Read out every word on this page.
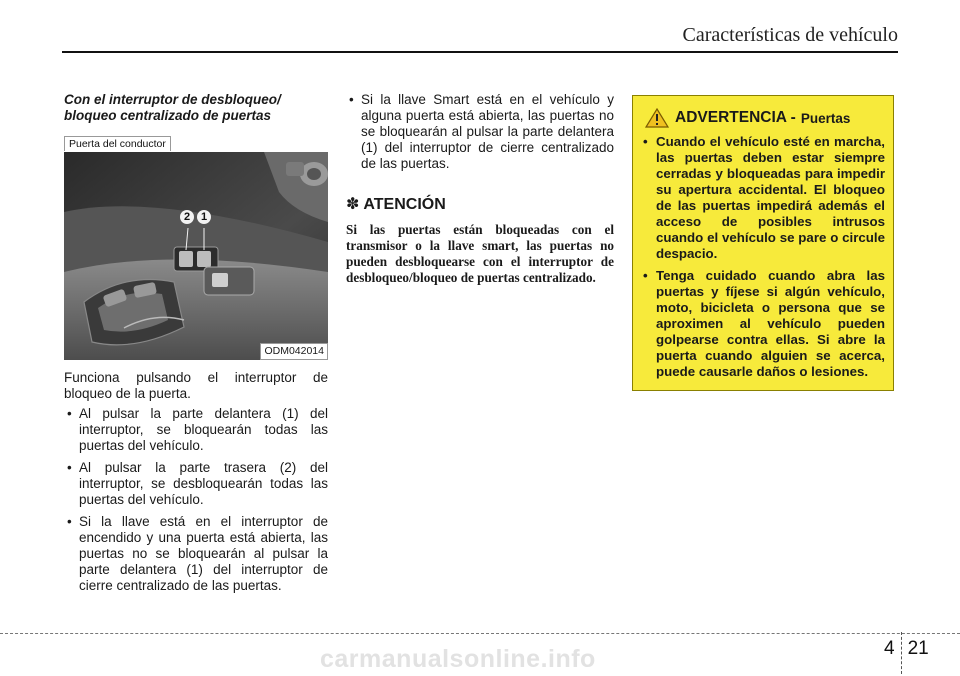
Características de vehículo
Con el interruptor de desbloqueo/ bloqueo centralizado de puertas
Puerta del conductor
2 1
ODM042014
Funciona pulsando el interruptor de bloqueo de la puerta.
• Al pulsar la parte delantera (1) del interruptor, se bloquearán todas las puertas del vehículo.
• Al pulsar la parte trasera (2) del interruptor, se desbloquearán todas las puertas del vehículo.
• Si la llave está en el interruptor de encendido y una puerta está abierta, las puertas no se bloquearán al pulsar la parte delantera (1) del interruptor de cierre centralizado de las puertas.
• Si la llave Smart está en el vehículo y alguna puerta está abierta, las puertas no se bloquearán al pulsar la parte delantera (1) del interruptor de cierre centralizado de las puertas.
✽ ATENCIÓN
Si las puertas están bloqueadas con el transmisor o la llave smart, las puertas no pueden desbloquearse con el interruptor de desbloqueo/bloqueo de puertas centralizado.
ADVERTENCIA - Puertas
• Cuando el vehículo esté en marcha, las puertas deben estar siempre cerradas y bloqueadas para impedir su apertura accidental. El bloqueo de las puertas impedirá además el acceso de posibles intrusos cuando el vehículo se pare o circule despacio.
• Tenga cuidado cuando abra las puertas y fíjese si algún vehículo, moto, bicicleta o persona que se aproximen al vehículo pueden golpearse contra ellas. Si abre la puerta cuando alguien se acerca, puede causarle daños o lesiones.
4 21
carmanualsonline.info
